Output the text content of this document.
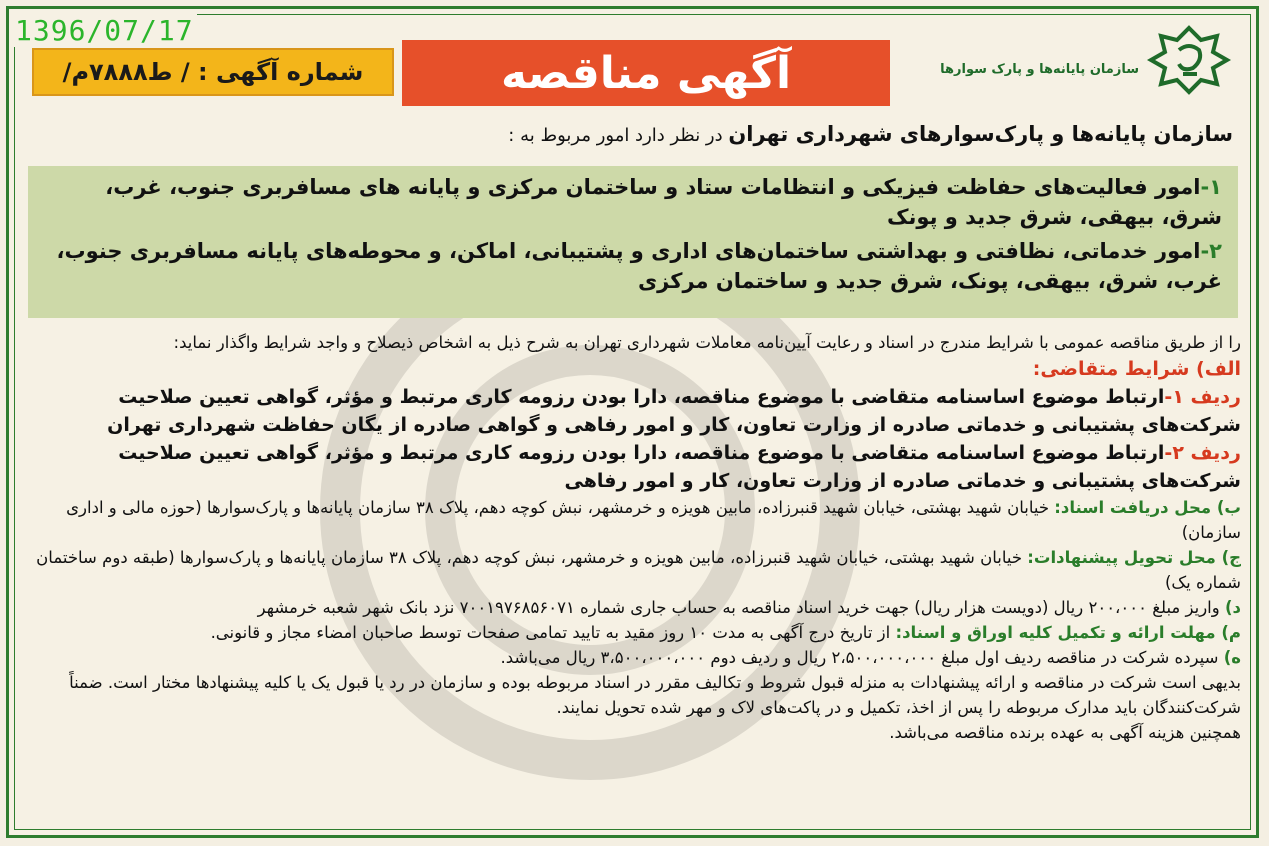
1396/07/17
سازمان پایانه‌ها و پارک سوارها
آگهی مناقصه
شماره آگهی : / ط۷۸۸۸م/
سازمان پایانه‌ها و پارک‌سوارهای شهرداری تهران در نظر دارد امور مربوط به :

۱-امور فعالیت‌های حفاظت فیزیکی و انتظامات ستاد و ساختمان مرکزی و پایانه های مسافربری جنوب، غرب، شرق، بیهقی، شرق جدید و پونک

۲-امور خدماتی، نظافتی و بهداشتی ساختمان‌های اداری و پشتیبانی، اماکن، و محوطه‌های پایانه مسافربری جنوب، غرب، شرق، بیهقی، پونک، شرق جدید و ساختمان مرکزی

را از طریق مناقصه عمومی با شرایط مندرج در اسناد و رعایت آیین‌نامه معاملات شهرداری تهران به شرح ذیل به اشخاص ذیصلاح و واجد شرایط واگذار نماید:

الف) شرایط متقاضی:

ردیف ۱-ارتباط موضوع اساسنامه متقاضی با موضوع مناقصه، دارا بودن رزومه کاری مرتبط و مؤثر، گواهی تعیین صلاحیت شرکت‌های پشتیبانی و خدماتی صادره از وزارت تعاون، کار و امور رفاهی و گواهی صادره از یگان حفاظت شهرداری تهران

ردیف ۲-ارتباط موضوع اساسنامه متقاضی با موضوع مناقصه، دارا بودن رزومه کاری مرتبط و مؤثر، گواهی تعیین صلاحیت شرکت‌های پشتیبانی و خدماتی صادره از وزارت تعاون، کار و امور رفاهی

ب) محل دریافت اسناد: خیابان شهید بهشتی، خیابان شهید قنبرزاده، مابین هویزه و خرمشهر، نبش کوچه دهم، پلاک ۳۸ سازمان پایانه‌ها و پارک‌سوارها (حوزه مالی و اداری سازمان)

ج) محل تحویل پیشنهادات: خیابان شهید بهشتی، خیابان شهید قنبرزاده، مابین هویزه و خرمشهر، نبش کوچه دهم، پلاک ۳۸ سازمان پایانه‌ها و پارک‌سوارها (طبقه دوم ساختمان شماره یک)

د) واریز مبلغ ۲۰۰،۰۰۰ ریال (دویست هزار ریال) جهت خرید اسناد مناقصه به حساب جاری شماره ۷۰۰۱۹۷۶۸۵۶۰۷۱ نزد بانک شهر شعبه خرمشهر

م) مهلت ارائه و تکمیل کلیه اوراق و اسناد: از تاریخ درج آگهی به مدت ۱۰ روز مقید به تایید تمامی صفحات توسط صاحبان امضاء مجاز و قانونی.

ه) سپرده شرکت در مناقصه ردیف اول مبلغ ۲،۵۰۰،۰۰۰،۰۰۰ ریال و ردیف دوم ۳،۵۰۰،۰۰۰،۰۰۰ ریال می‌باشد.

بدیهی است شرکت در مناقصه و ارائه پیشنهادات به منزله قبول شروط و تکالیف مقرر در اسناد مربوطه بوده و سازمان در رد یا قبول یک یا کلیه پیشنهادها مختار است. ضمناً شرکت‌کنندگان باید مدارک مربوطه را پس از اخذ، تکمیل و در پاکت‌های لاک و مهر شده تحویل نمایند.

همچنین هزینه آگهی به عهده برنده مناقصه می‌باشد.
